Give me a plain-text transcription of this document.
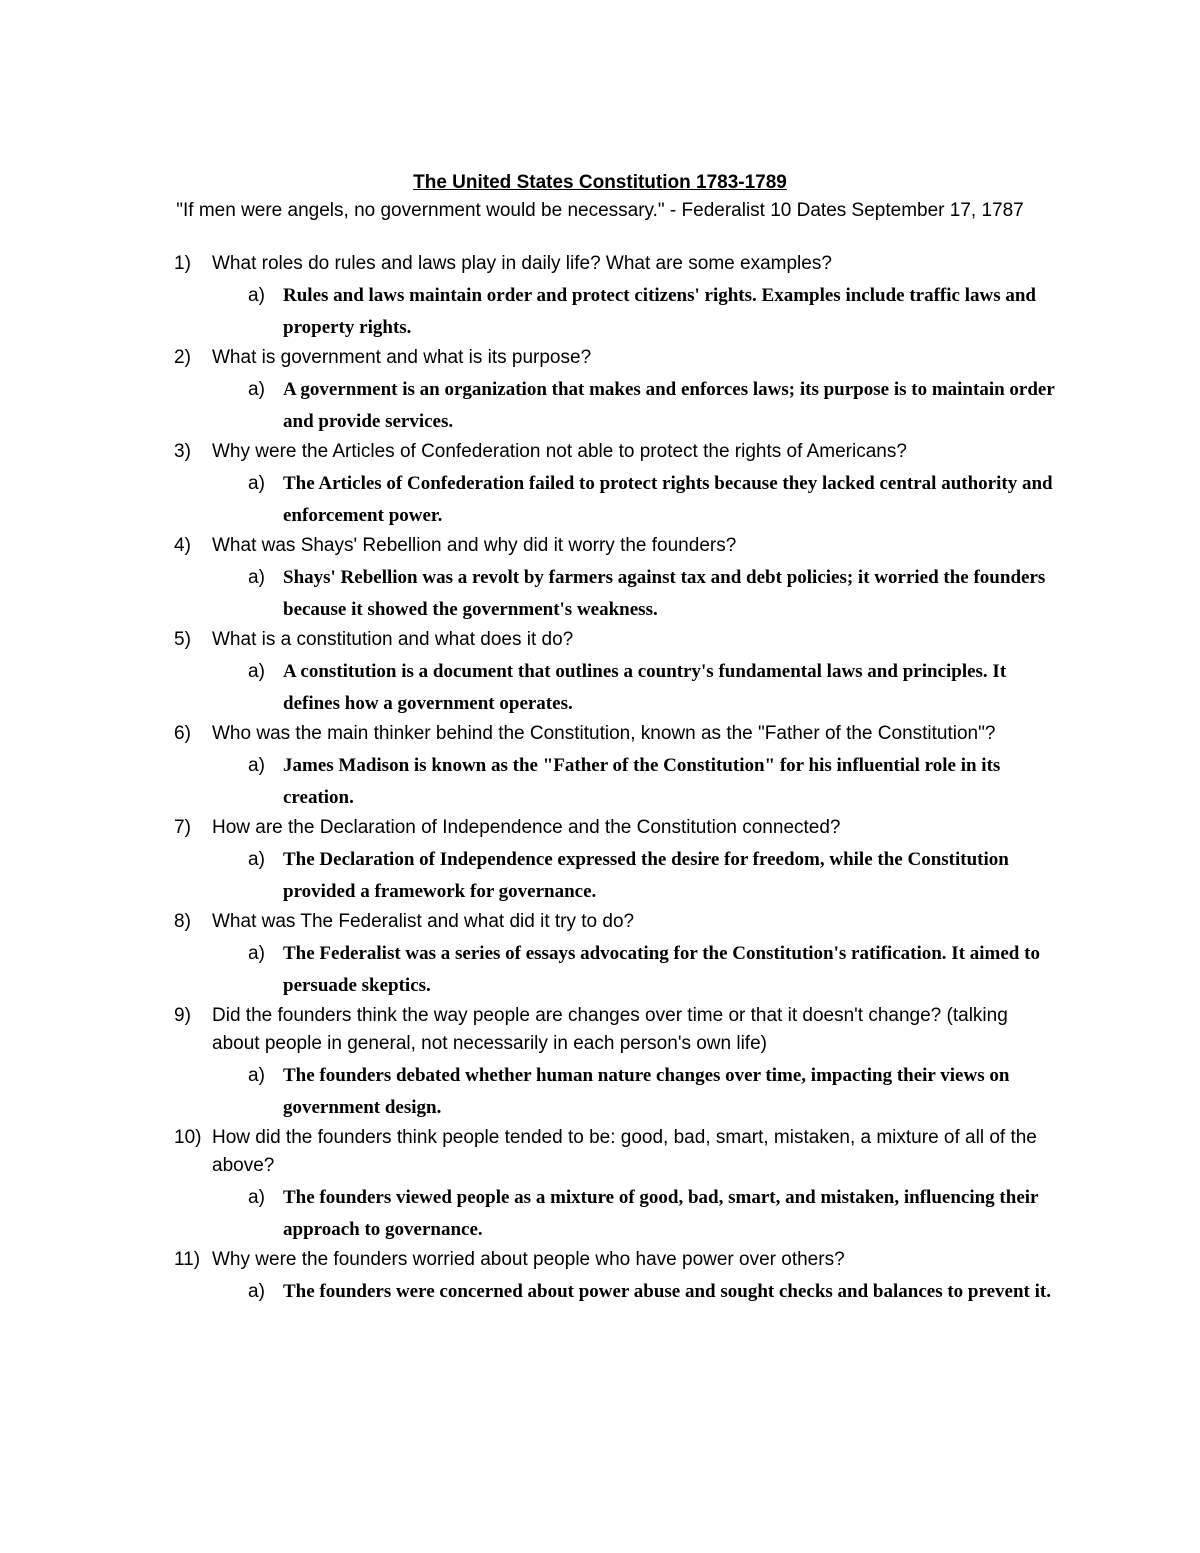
The United States Constitution 1783-1789

"If men were angels, no government would be necessary." - Federalist 10 Dates September 17, 1787

1) What roles do rules and laws play in daily life? What are some examples?

a) Rules and laws maintain order and protect citizens' rights. Examples include traffic laws and property rights.

2) What is government and what is its purpose?

a) A government is an organization that makes and enforces laws; its purpose is to maintain order and provide services.

3) Why were the Articles of Confederation not able to protect the rights of Americans?

a) The Articles of Confederation failed to protect rights because they lacked central authority and enforcement power.

4) What was Shays' Rebellion and why did it worry the founders?

a) Shays' Rebellion was a revolt by farmers against tax and debt policies; it worried the founders because it showed the government's weakness.

5) What is a constitution and what does it do?

a) A constitution is a document that outlines a country's fundamental laws and principles. It defines how a government operates.

6) Who was the main thinker behind the Constitution, known as the "Father of the Constitution"?

a) James Madison is known as the "Father of the Constitution" for his influential role in its creation.

7) How are the Declaration of Independence and the Constitution connected?

a) The Declaration of Independence expressed the desire for freedom, while the Constitution provided a framework for governance.

8) What was The Federalist and what did it try to do?

a) The Federalist was a series of essays advocating for the Constitution's ratification. It aimed to persuade skeptics.

9) Did the founders think the way people are changes over time or that it doesn't change? (talking about people in general, not necessarily in each person's own life)

a) The founders debated whether human nature changes over time, impacting their views on government design.

10) How did the founders think people tended to be: good, bad, smart, mistaken, a mixture of all of the above?

a) The founders viewed people as a mixture of good, bad, smart, and mistaken, influencing their approach to governance.

11) Why were the founders worried about people who have power over others?

a) The founders were concerned about power abuse and sought checks and balances to prevent it.
